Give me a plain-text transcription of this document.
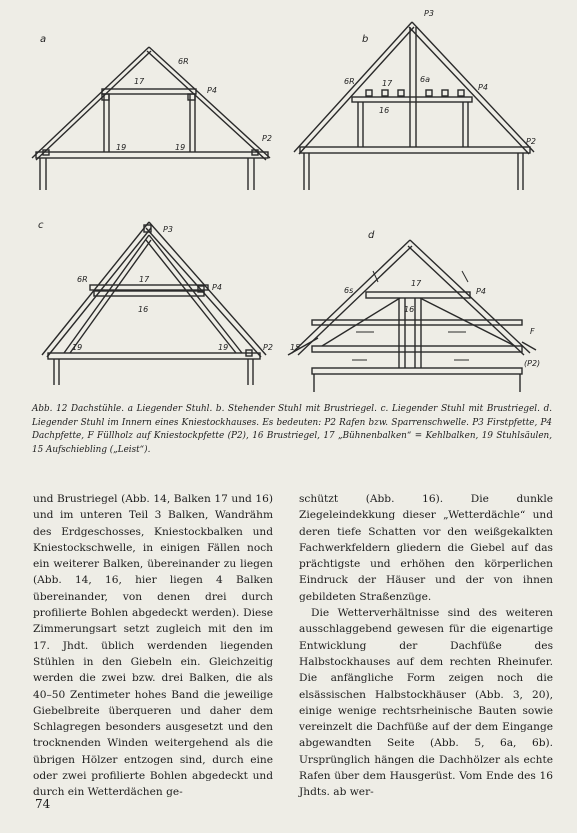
a
6R
17
P4
P2
19	19
b
P3
6R	17	6a
P4
16
P2
c	P3
6R	17
P4
16
19	19	P2
d
6s
17
P4
16
F
15
(P2)
Abb. 12 Dachstühle. a Liegender Stuhl. b. Stehender Stuhl mit Brustriegel. c. Liegender Stuhl mit Brustriegel. d. Liegender Stuhl im Innern eines Kniestockhauses. Es bedeuten: P2 Rafen bzw. Sparrenschwelle. P3 Firstpfette, P4 Dachpfette, F Füllholz auf Kniestockpfette (P2), 16 Brustriegel, 17 „Bühnenbalken“ = Kehlbalken, 19 Stuhlsäulen, 15 Aufschiebling („Leist“).

und Brustriegel (Abb. 14, Balken 17 und 16) und im unteren Teil 3 Balken, Wandrähm des Erdgeschosses, Kniestockbalken und Kniestockschwelle, in einigen Fällen noch ein weiterer Balken, übereinander zu liegen (Abb. 14, 16, hier liegen 4 Balken übereinander, von denen drei durch profilierte Bohlen abgedeckt werden). Diese Zimmerungsart setzt zugleich mit den im 17. Jhdt. üblich werdenden liegenden Stühlen in den Giebeln ein. Gleichzeitig werden die zwei bzw. drei Balken, die als 40–50 Zentimeter hohes Band die jeweilige Giebelbreite überqueren und daher dem Schlagregen besonders ausgesetzt und den trocknenden Winden weitergehend als die übrigen Hölzer entzogen sind, durch eine oder zwei profilierte Bohlen abgedeckt und durch ein Wetterdächen ge-

schützt (Abb. 16). Die dunkle Ziegeleindekkung dieser „Wetterdächle“ und deren tiefe Schatten vor den weißgekalkten Fachwerkfeldern gliedern die Giebel auf das prächtigste und erhöhen den körperlichen Eindruck der Häuser und der von ihnen gebildeten Straßenzüge.

Die Wetterverhältnisse sind des weiteren ausschlaggebend gewesen für die eigenartige Entwicklung der Dachfüße des Halbstockhauses auf dem rechten Rheinufer. Die anfängliche Form zeigen noch die elsässischen Halbstockhäuser (Abb. 3, 20), einige wenige rechtsrheinische Bauten sowie vereinzelt die Dachfüße auf der dem Eingange abgewandten Seite (Abb. 5, 6a, 6b). Ursprünglich hängen die Dachhölzer als echte Rafen über dem Hausgerüst. Vom Ende des 16 Jhdts. ab wer-

74
